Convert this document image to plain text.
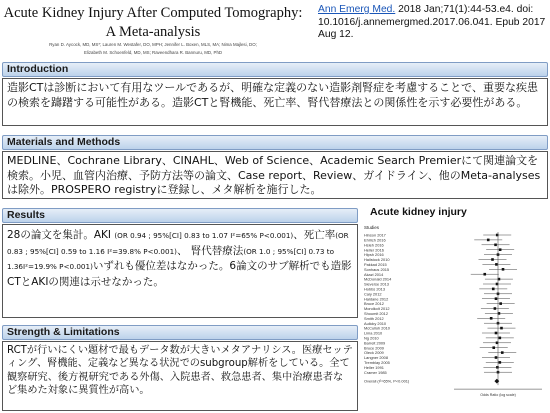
Acute Kidney Injury After Computed Tomography:
A Meta-analysis
Ryan D. Aycock, MD, MS*; Lauren M. Westafer, DO, MPH; Jennifer L. Boxen, MLS, MA; Nima Majlesi, DO;
Elizabeth M. Schoenfeld, MD, MS; Raveendhara R. Bannuru, MD, PhD
Ann Emerg Med. 2018 Jan;71(1):44-53.e4. doi: 10.1016/j.annemergmed.2017.06.041. Epub 2017 Aug 12.
Introduction
造影CTは診断において有用なツールであるが、明確な定義のない造影剤腎症を考慮することで、重要な疾患の検索を躊躇する可能性がある。造影CTと腎機能、死亡率、腎代替療法との関係性を示す必要性がある。
Materials and Methods
MEDLINE、Cochrane Library、CINAHL、Web of Science、Academic Search Premierにて関連論文を検索。小児、血管内治療、予防方法等の論文、Case report、Review、ガイドライン、他のMeta-analysesは除外。PROSPERO registryに登録し、メタ解析を施行した。
Results
28の論文を集計。AKI (OR 0.94 ; 95%[CI] 0.83 to 1.07 I²=65% P<0.001)、死亡率(OR 0.83 ; 95%[CI] 0.59 to 1.16 I²=39.8% P<0.001)、 腎代替療法(OR 1.0 ; 95%[CI] 0.73 to 1.36I²=19.9% P<0.001)いずれも優位差はなかった。6論文のサブ解析でも造影CTとAKIの関連は示せなかった。
Strength & Limitations
RCTが行いにくい題材で最もデータ数が大きいメタアナリシス。医療セッティング、腎機能、定義など異なる状況でのsubgroup解析をしている。全て観察研究、後方視研究である外傷、入院患者、救急患者、集中治療患者など集めた対象に異質性が高い。
Acute kidney injury
Studies
Hinson 2017
Ehrlich 2016
Hsieh 2016
Heller 2016
Hipsh 2016
Hailstock 2010
Pakkad 2015
Sonhaus 2015
Akazi 2014
McDonald 2014
Sieverse 2013
Hobbs 2013
Caiy 2012
Haldane 2012
Bruce 2012
Mondkolt 2012
Shoumit 2012
Smith 2012
Aulicky 2010
McCulloh 2010
Lima 2010
Ng 2010
Barrelt 2009
Bruce 2009
Oleck 2009
Langner 2008
Tremblay 2005
Heller 1991
Cramer 1985
Overall (I²=65%, P<0.001)
Odds Ratio (log scale)
